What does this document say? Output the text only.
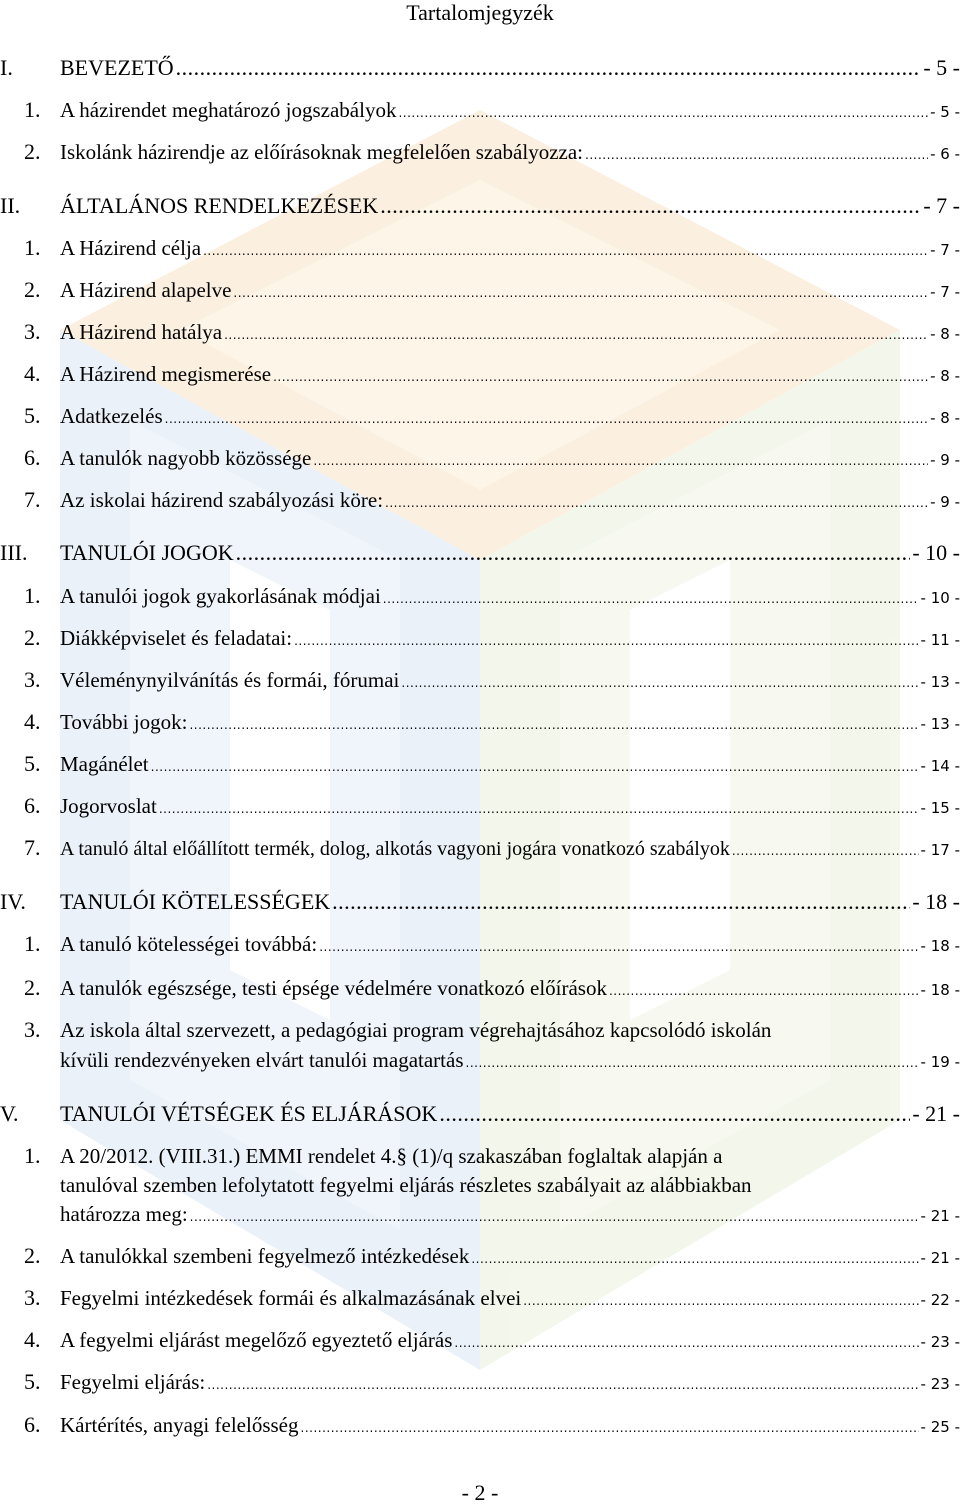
Tartalomjegyzék
I. BEVEZETŐ .....	- 5 -
1. A házirendet meghatározó jogszabályok .....	- 5 -
2. Iskolánk házirendje az előírásoknak megfelelően szabályozza: .....	- 6 -
II. ÁLTALÁNOS RENDELKEZÉSEK .....	- 7 -
1. A Házirend célja .....	- 7 -
2. A Házirend alapelve .....	- 7 -
3. A Házirend hatálya .....	- 8 -
4. A Házirend megismerése .....	- 8 -
5. Adatkezelés .....	- 8 -
6. A tanulók nagyobb közössége .....	- 9 -
7. Az iskolai házirend szabályozási köre: .....	- 9 -
III. TANULÓI JOGOK .....	- 10 -
1. A tanulói jogok gyakorlásának módjai .....	- 10 -
2. Diákképviselet és feladatai: .....	- 11 -
3. Véleménynyilvánítás és formái, fórumai .....	- 13 -
4. További jogok: .....	- 13 -
5. Magánélet .....	- 14 -
6. Jogorvoslat .....	- 15 -
7. A tanuló által előállított termék, dolog, alkotás vagyoni jogára vonatkozó szabályok .....	- 17 -
IV. TANULÓI KÖTELESSÉGEK .....	- 18 -
1. A tanuló kötelességei továbbá: .....	- 18 -
2. A tanulók egészsége, testi épsége védelmére vonatkozó előírások .....	- 18 -
3. Az iskola által szervezett, a pedagógiai program végrehajtásához kapcsolódó iskolán
kívüli rendezvényeken elvárt tanulói magatartás .....	- 19 -
V. TANULÓI VÉTSÉGEK ÉS ELJÁRÁSOK .....	- 21 -
1. A 20/2012. (VIII.31.) EMMI rendelet 4.§ (1)/q szakaszában foglaltak alapján a
tanulóval szemben lefolytatott fegyelmi eljárás részletes szabályait az alábbiakban
határozza meg: .....	- 21 -
2. A tanulókkal szembeni fegyelmező intézkedések .....	- 21 -
3. Fegyelmi intézkedések formái és alkalmazásának elvei .....	- 22 -
4. A fegyelmi eljárást megelőző egyeztető eljárás .....	- 23 -
5. Fegyelmi eljárás: .....	- 23 -
6. Kártérítés, anyagi felelősség .....	- 25 -
- 2 -
